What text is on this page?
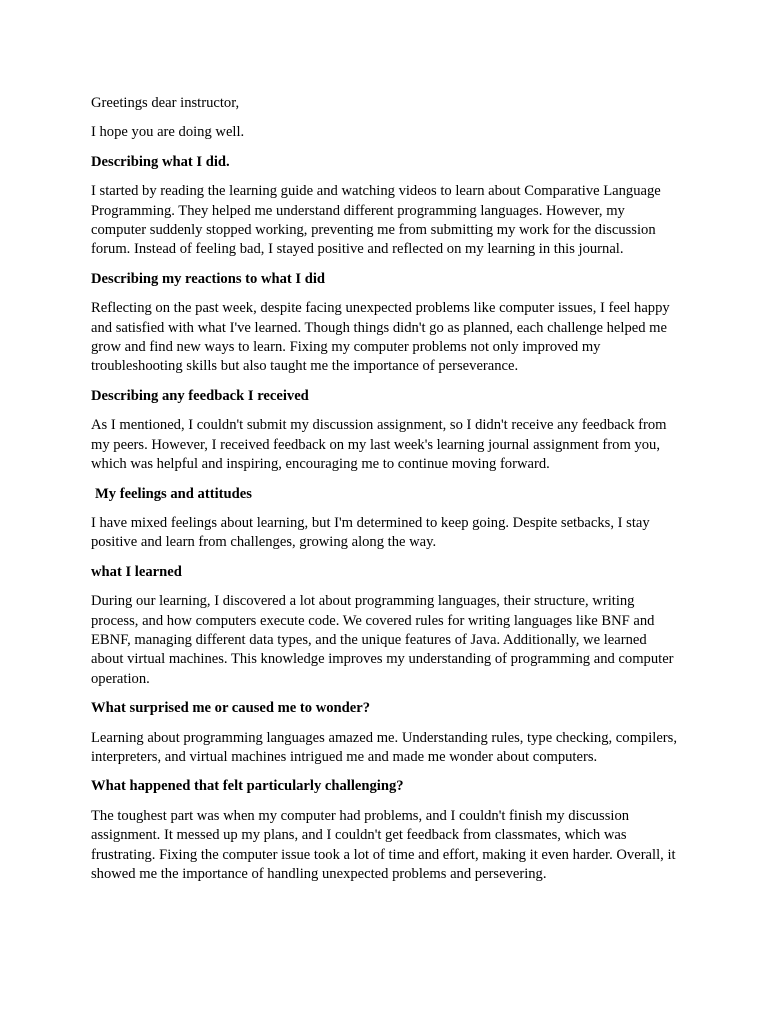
Greetings dear instructor,

I hope you are doing well.

Describing what I did.

I started by reading the learning guide and watching videos to learn about Comparative Language Programming. They helped me understand different programming languages. However, my computer suddenly stopped working, preventing me from submitting my work for the discussion forum. Instead of feeling bad, I stayed positive and reflected on my learning in this journal.

Describing my reactions to what I did

Reflecting on the past week, despite facing unexpected problems like computer issues, I feel happy and satisfied with what I've learned. Though things didn't go as planned, each challenge helped me grow and find new ways to learn. Fixing my computer problems not only improved my troubleshooting skills but also taught me the importance of perseverance.

Describing any feedback I received

As I mentioned, I couldn't submit my discussion assignment, so I didn't receive any feedback from my peers. However, I received feedback on my last week's learning journal assignment from you, which was helpful and inspiring, encouraging me to continue moving forward.

My feelings and attitudes

I have mixed feelings about learning, but I'm determined to keep going. Despite setbacks, I stay positive and learn from challenges, growing along the way.

what I learned

During our learning, I discovered a lot about programming languages, their structure, writing process, and how computers execute code. We covered rules for writing languages like BNF and EBNF, managing different data types, and the unique features of Java. Additionally, we learned about virtual machines. This knowledge improves my understanding of programming and computer operation.

What surprised me or caused me to wonder?

Learning about programming languages amazed me. Understanding rules, type checking, compilers, interpreters, and virtual machines intrigued me and made me wonder about computers.

What happened that felt particularly challenging?

The toughest part was when my computer had problems, and I couldn't finish my discussion assignment. It messed up my plans, and I couldn't get feedback from classmates, which was frustrating. Fixing the computer issue took a lot of time and effort, making it even harder. Overall, it showed me the importance of handling unexpected problems and persevering.
